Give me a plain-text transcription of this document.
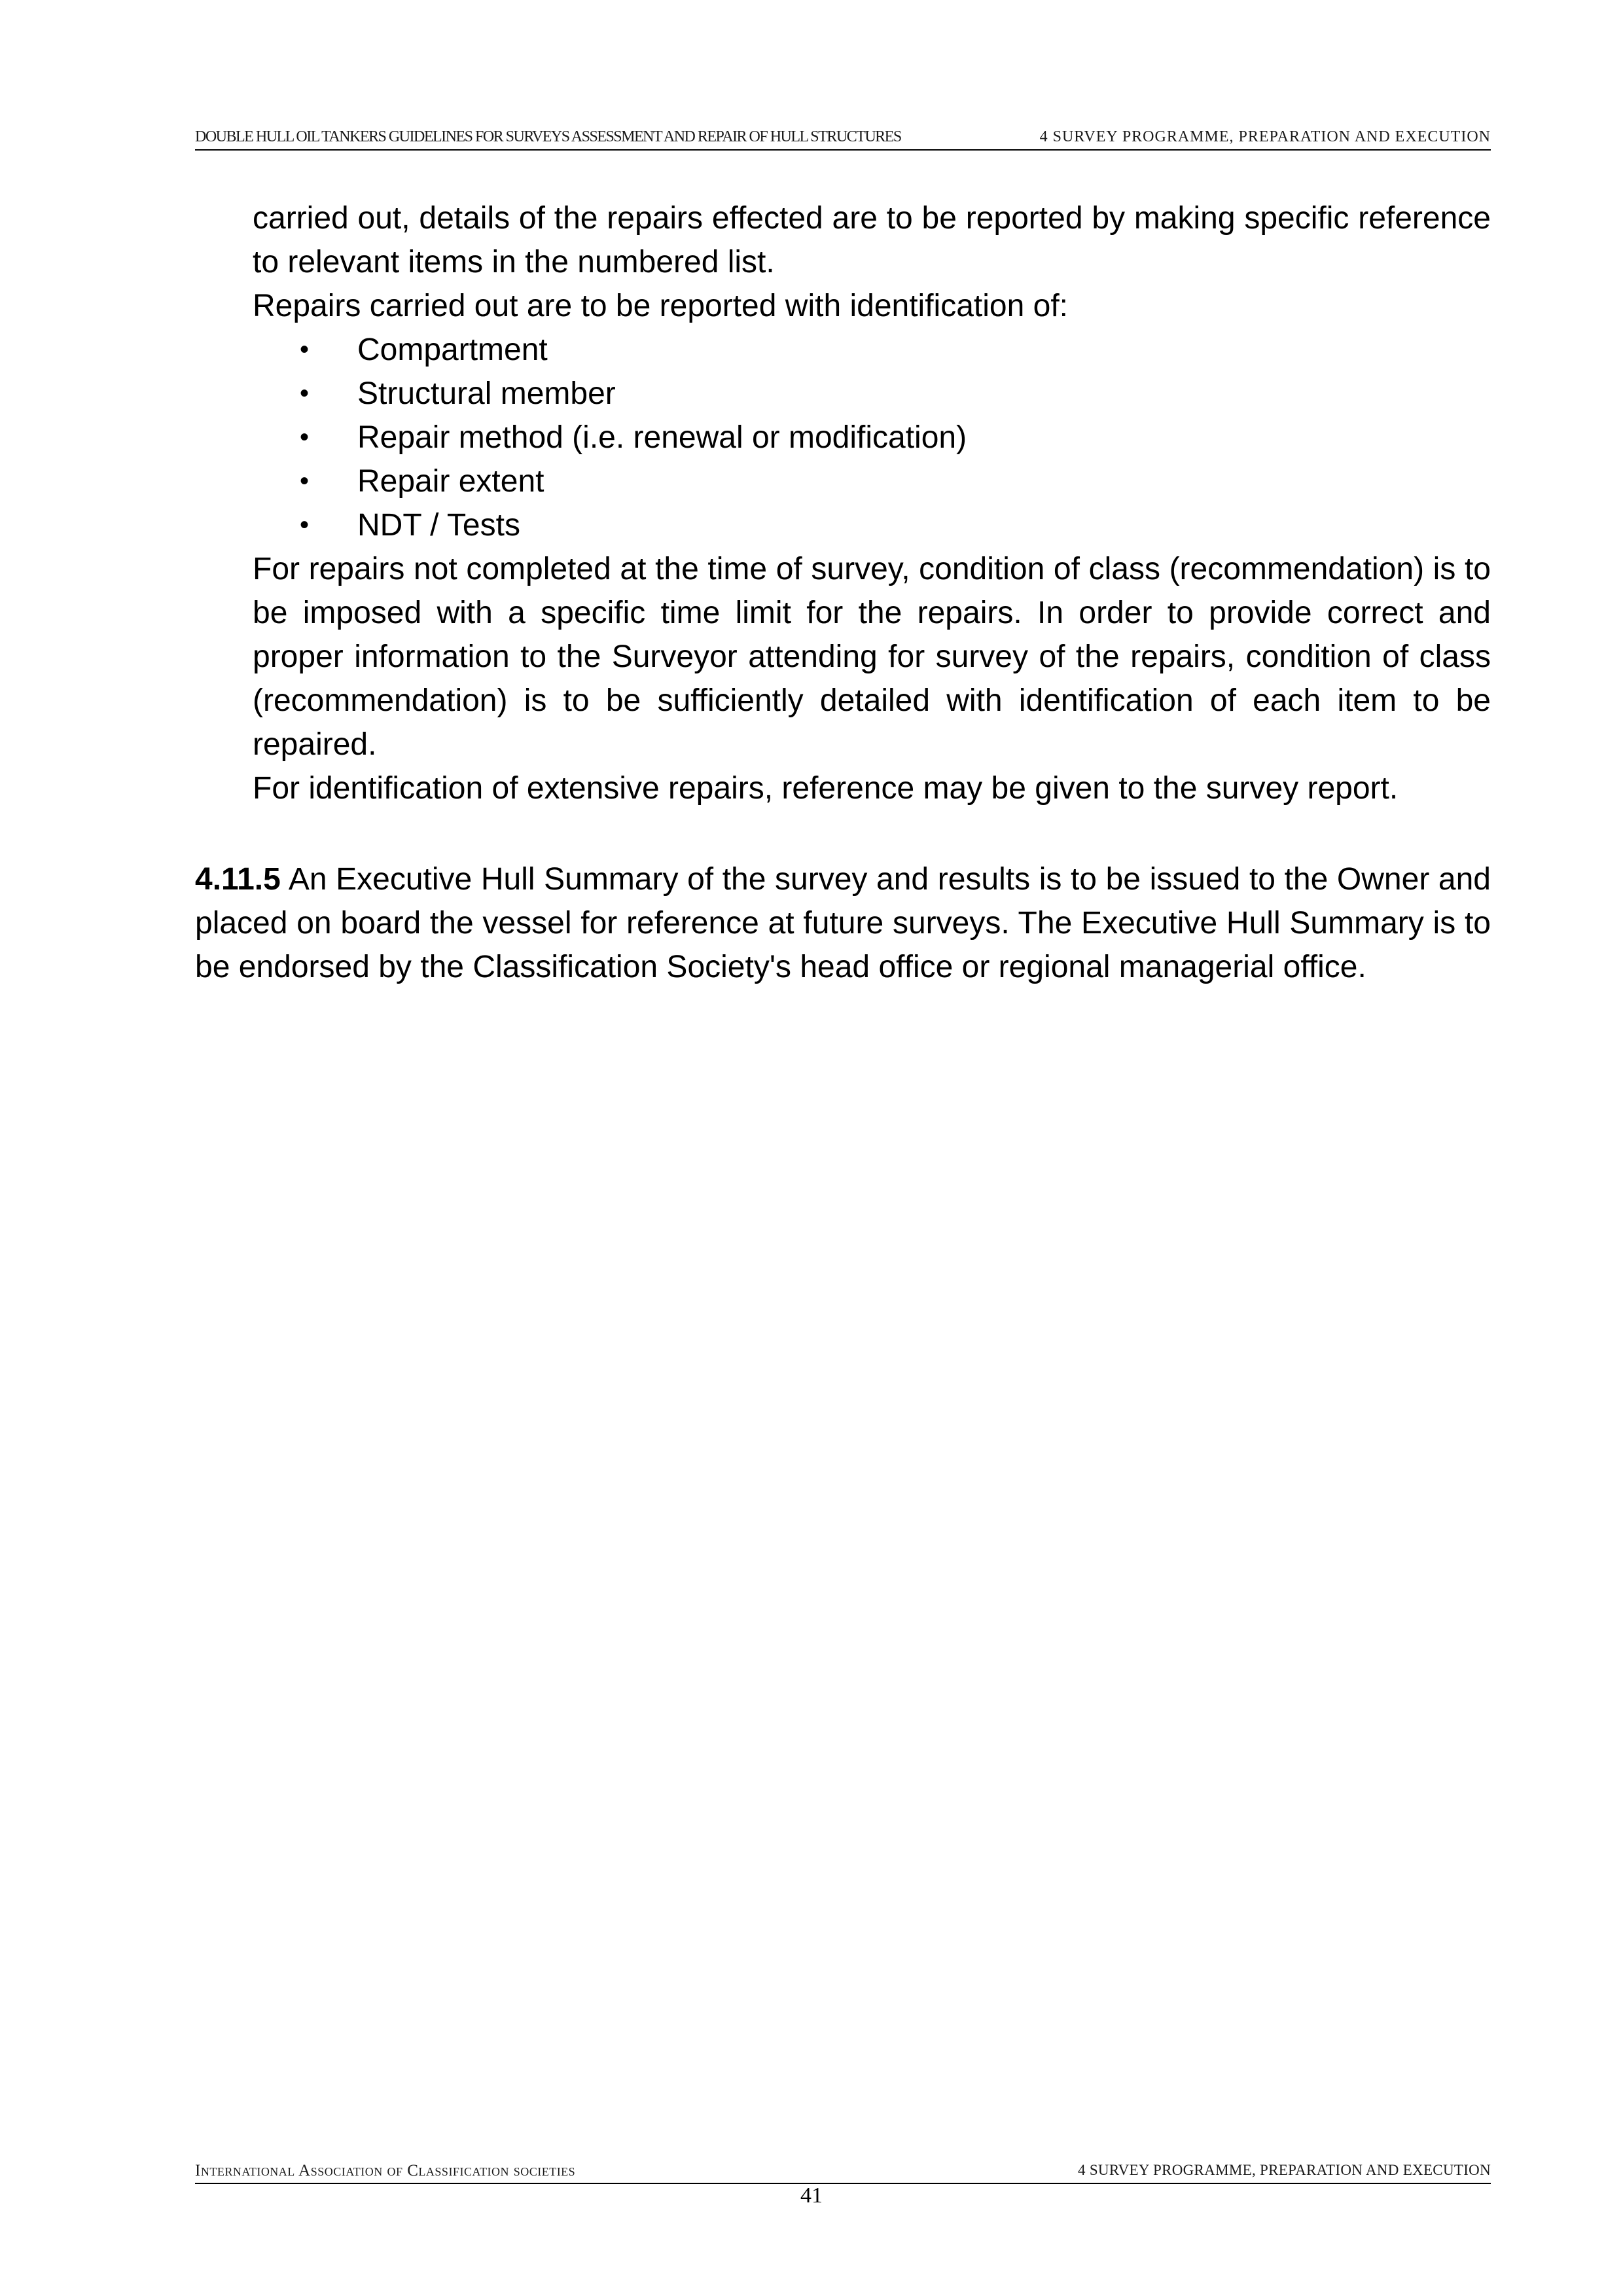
DOUBLE HULL OIL TANKERS GUIDELINES FOR SURVEYS ASSESSMENT AND REPAIR OF HULL STRUCTURES	4 SURVEY PROGRAMME, PREPARATION AND EXECUTION

carried out, details of the repairs effected are to be reported by making specific reference to relevant items in the numbered list.

Repairs carried out are to be reported with identification of:

• Compartment
• Structural member
• Repair method (i.e. renewal or modification)
• Repair extent
• NDT / Tests

For repairs not completed at the time of survey, condition of class (recommendation) is to be imposed with a specific time limit for the repairs. In order to provide correct and proper information to the Surveyor attending for survey of the repairs, condition of class (recommendation) is to be sufficiently detailed with identification of each item to be repaired.

For identification of extensive repairs, reference may be given to the survey report.

4.11.5 An Executive Hull Summary of the survey and results is to be issued to the Owner and placed on board the vessel for reference at future surveys. The Executive Hull Summary is to be endorsed by the Classification Society's head office or regional managerial office.

International Association of Classification societies	4 SURVEY PROGRAMME, PREPARATION AND EXECUTION
41
